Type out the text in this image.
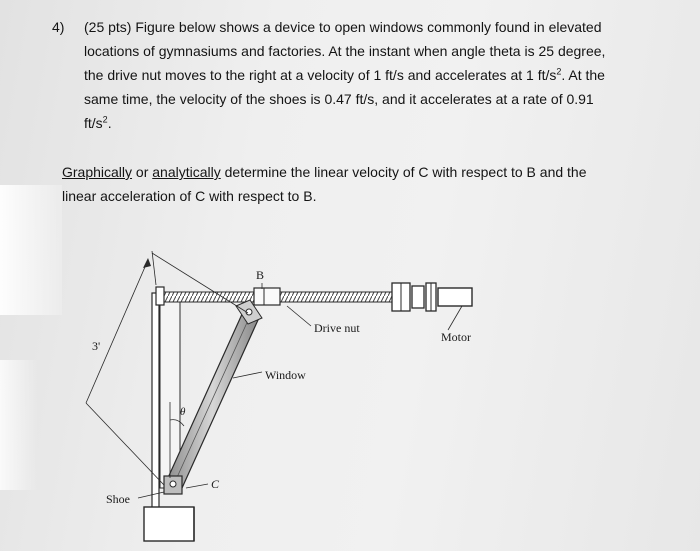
4) (25 pts) Figure below shows a device to open windows commonly found in elevated
locations of gymnasiums and factories. At the instant when angle theta is 25 degree,
the drive nut moves to the right at a velocity of 1 ft/s and accelerates at 1 $ft/s^2$. At the
same time, the velocity of the shoes is 0.47 ft/s, and it accelerates at a rate of 0.91
$ft/s^2$.
Graphically or analytically determine the linear velocity of C with respect to B and the
linear acceleration of C with respect to B.
B
Drive nut
Motor
3'
Window
θ
C
Shoe
